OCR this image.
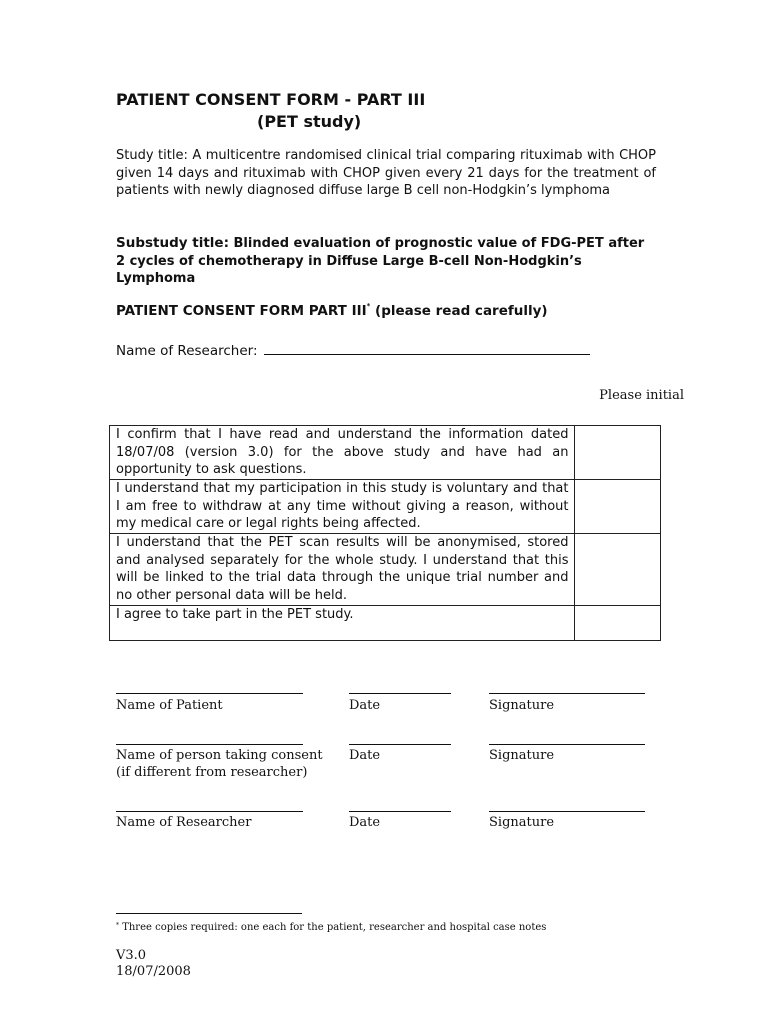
PATIENT CONSENT FORM - PART III
(PET study)
Study title: A multicentre randomised clinical trial comparing rituximab with CHOP given 14 days and rituximab with CHOP given every 21 days for the treatment of patients with newly diagnosed diffuse large B cell non-Hodgkin’s lymphoma
Substudy title: Blinded evaluation of prognostic value of FDG-PET after 2 cycles of chemotherapy in Diffuse Large B-cell Non-Hodgkin’s Lymphoma
PATIENT CONSENT FORM PART III* (please read carefully)
Name of Researcher:
Please initial
I confirm that I have read and understand the information dated 18/07/08 (version 3.0) for the above study and have had an opportunity to ask questions.	
I understand that my participation in this study is voluntary and that I am free to withdraw at any time without giving a reason, without my medical care or legal rights being affected.	
I understand that the PET scan results will be anonymised, stored and analysed separately for the whole study. I understand that this will be linked to the trial data through the unique trial number and no other personal data will be held.	
I agree to take part in the PET study.	
Name of Patient	Date	Signature
Name of person taking consent
(if different from researcher)
Date	Signature
Name of Researcher	Date	Signature
* Three copies required: one each for the patient, researcher and hospital case notes
V3.0
18/07/2008
